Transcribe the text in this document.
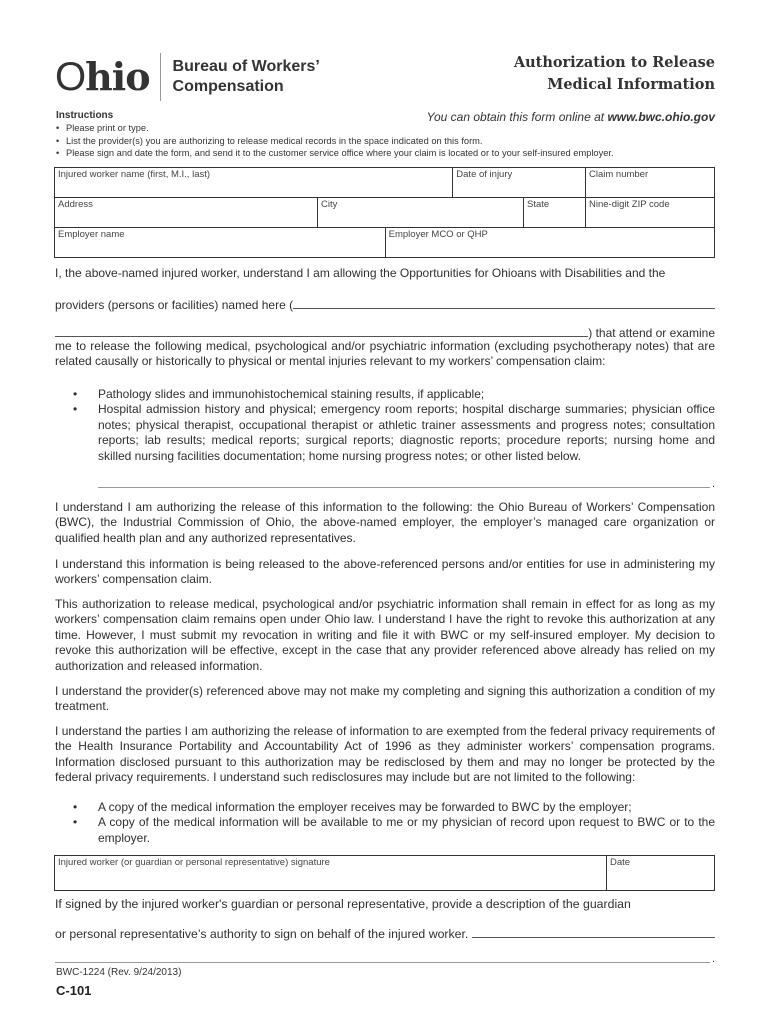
Ohio Bureau of Workers’
Compensation
Authorization to Release
Medical Information
You can obtain this form online at www.bwc.ohio.gov
Instructions
• Please print or type.
• List the provider(s) you are authorizing to release medical records in the space indicated on this form.
• Please sign and date the form, and send it to the customer service office where your claim is located or to your self-insured employer.
Injured worker name (first, M.I., last)			Date of injury		Claim number
Address	City			State	Nine-digit ZIP code
Employer name		Employer MCO or QHP			
I, the above-named injured worker, understand I am allowing the Opportunities for Ohioans with Disabilities and the
providers (persons or facilities) named here (
) that attend or examine
me to release the following medical, psychological and/or psychiatric information (excluding psychotherapy notes) that are related causally or historically to physical or mental injuries relevant to my workers’ compensation claim:
•	Pathology slides and immunohistochemical staining results, if applicable;
•	Hospital admission history and physical; emergency room reports; hospital discharge summaries; physician office notes; physical therapist, occupational therapist or athletic trainer assessments and progress notes; consultation reports; lab results; medical reports; surgical reports; diagnostic reports; procedure reports; nursing home and skilled nursing facilities documentation; home nursing progress notes; or other listed below.
.
I understand I am authorizing the release of this information to the following: the Ohio Bureau of Workers’ Compensation (BWC), the Industrial Commission of Ohio, the above-named employer, the employer’s managed care organization or qualified health plan and any authorized representatives.
I understand this information is being released to the above-referenced persons and/or entities for use in administering my workers’ compensation claim.
This authorization to release medical, psychological and/or psychiatric information shall remain in effect for as long as my workers’ compensation claim remains open under Ohio law. I understand I have the right to revoke this authorization at any time. However, I must submit my revocation in writing and file it with BWC or my self-insured employer. My decision to revoke this authorization will be effective, except in the case that any provider referenced above already has relied on my authorization and released information.
I understand the provider(s) referenced above may not make my completing and signing this authorization a condition of my treatment.
I understand the parties I am authorizing the release of information to are exempted from the federal privacy requirements of the Health Insurance Portability and Accountability Act of 1996 as they administer workers’ compensation programs. Information disclosed pursuant to this authorization may be redisclosed by them and may no longer be protected by the federal privacy requirements. I understand such redisclosures may include but are not limited to the following:
•	A copy of the medical information the employer receives may be forwarded to BWC by the employer;
•	A copy of the medical information will be available to me or my physician of record upon request to BWC or to the employer.
Injured worker (or guardian or personal representative) signature	Date
If signed by the injured worker's guardian or personal representative, provide a description of the guardian
or personal representative’s authority to sign on behalf of the injured worker.
.
BWC-1224 (Rev. 9/24/2013)
C-101
